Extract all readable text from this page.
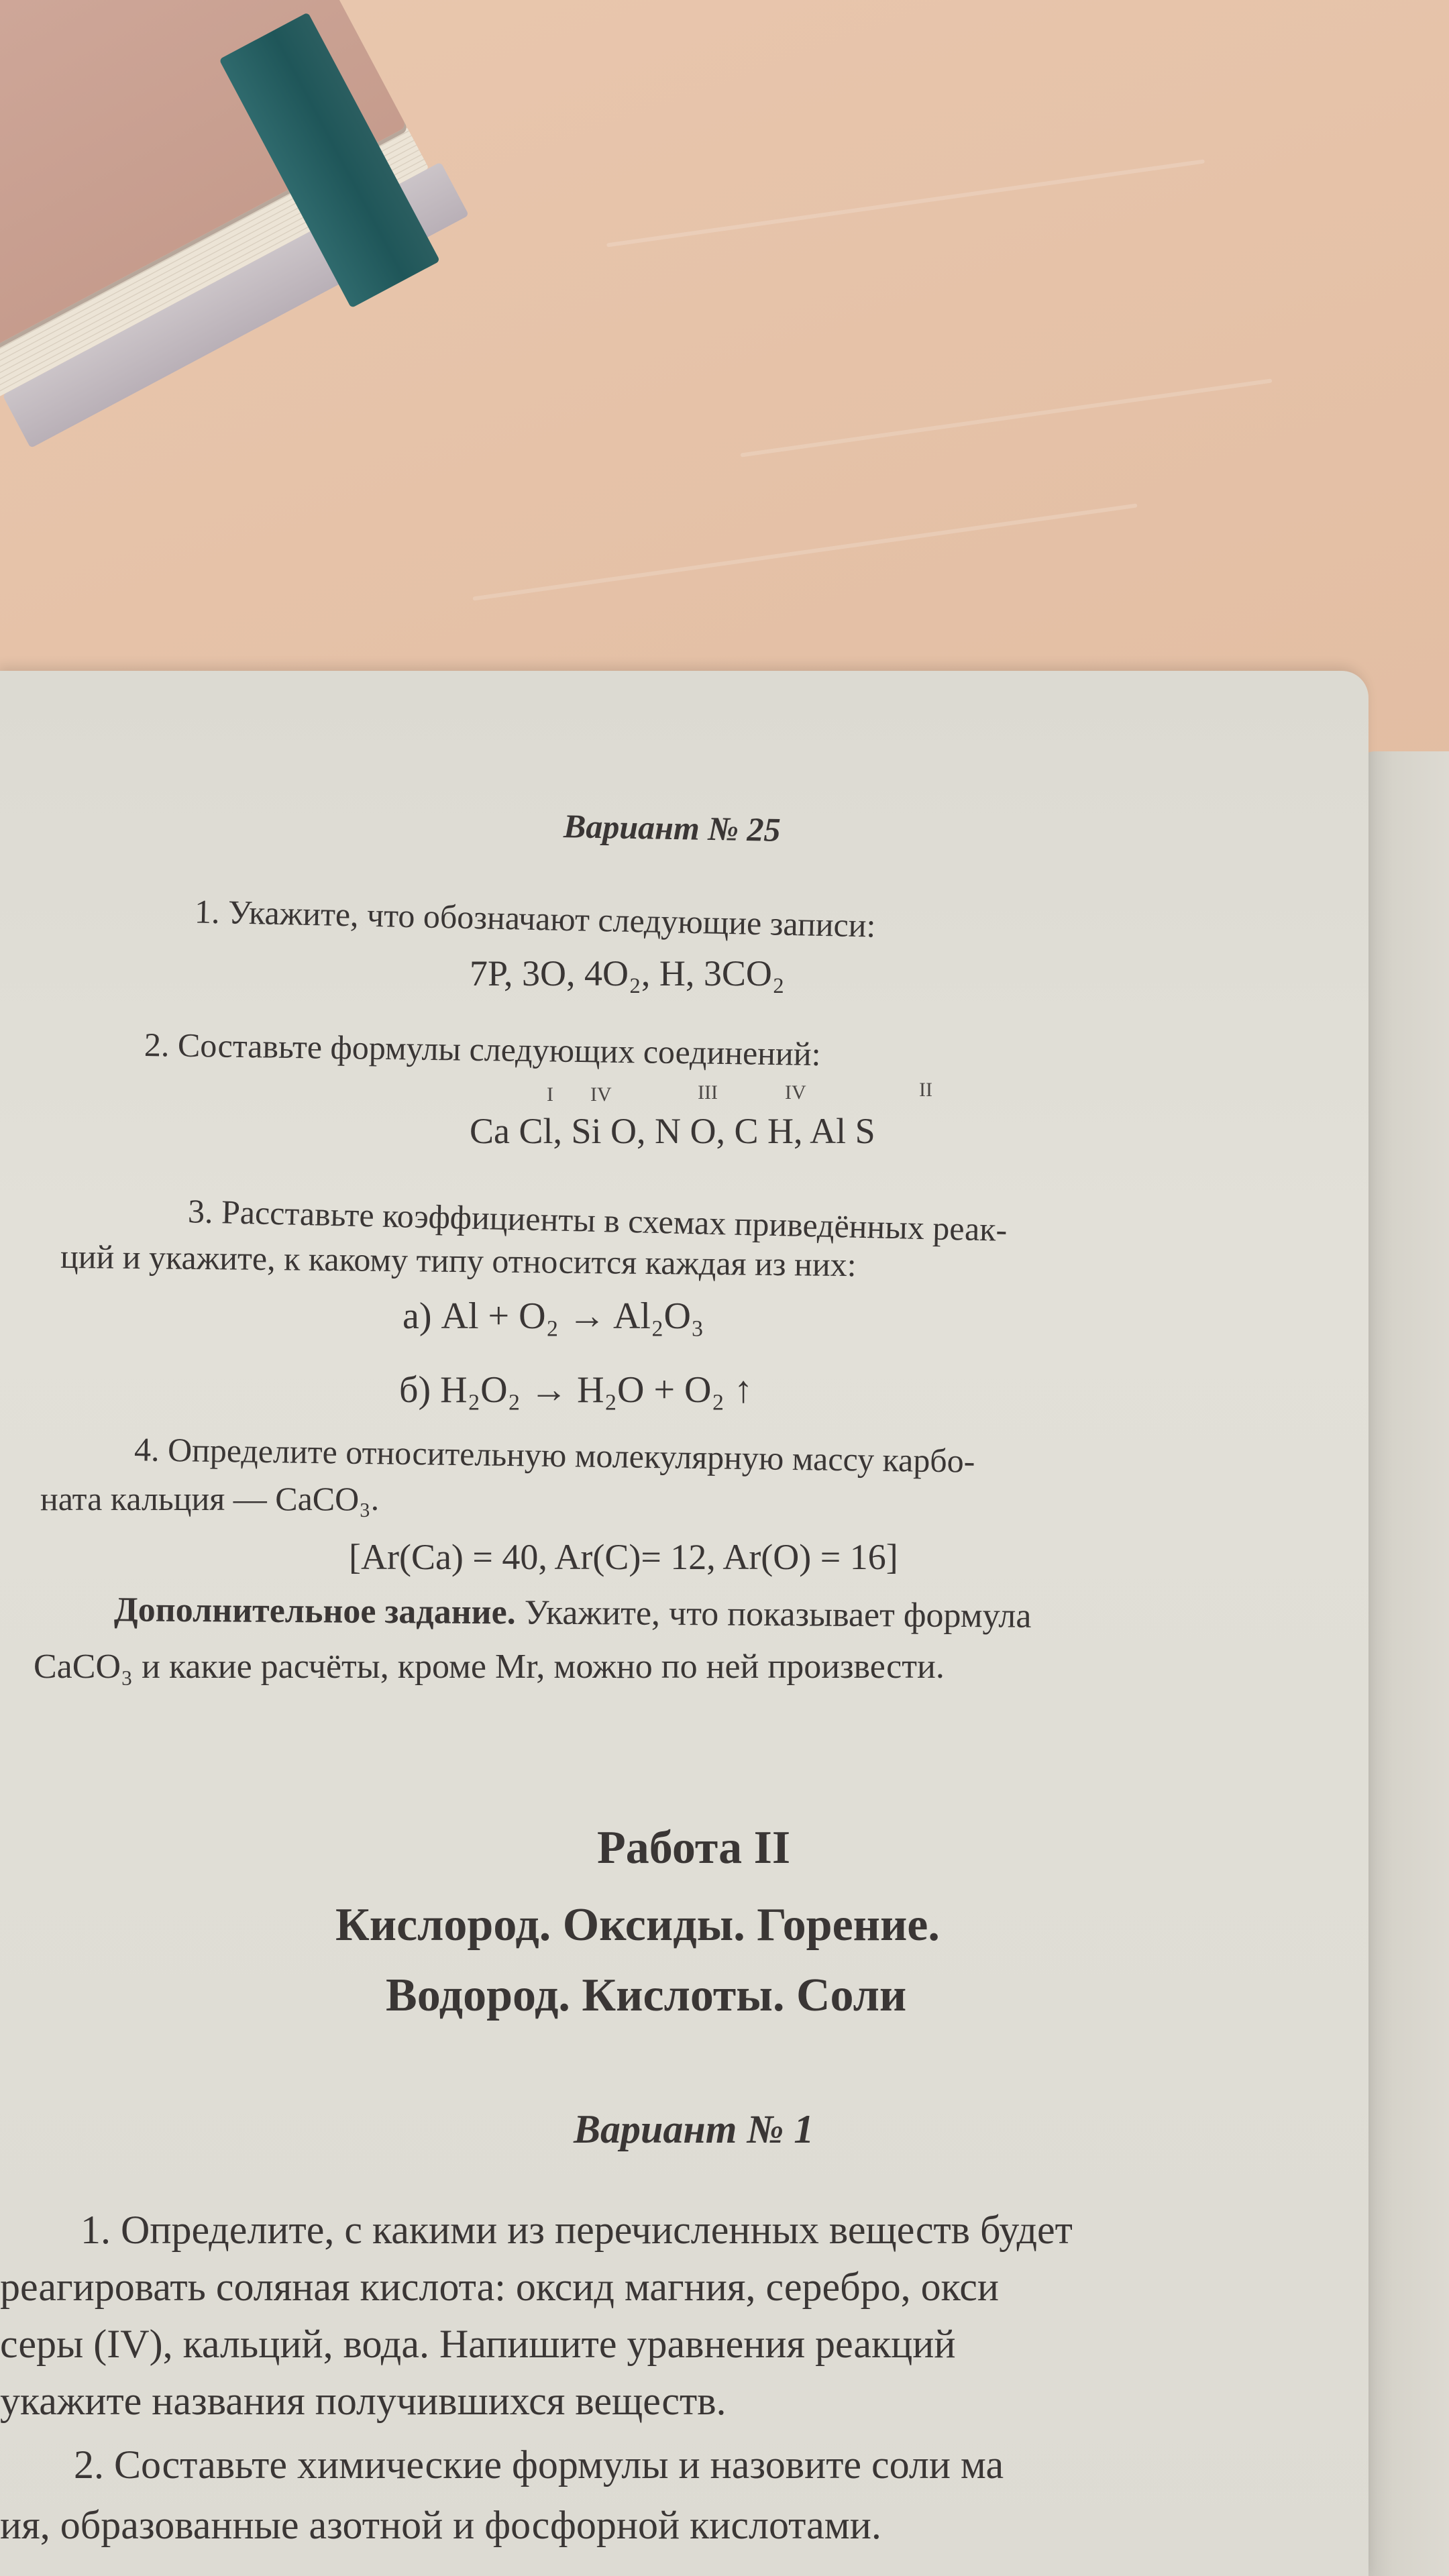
Вариант № 25
1. Укажите, что обозначают следующие записи:
7P, 3O, 4O₂, H, 3CO₂
2. Составьте формулы следующих соединений:
I IV	III	IV	II
Ca Cl, Si O, N O, C H, Al S
3. Расставьте коэффициенты в схемах приведённых реак-
ций и укажите, к какому типу относится каждая из них:
а) Al + O₂ → Al₂O₃
б) H₂O₂ → H₂O + O₂ ↑
4. Определите относительную молекулярную массу карбо-
ната кальция — CaCO₃.
[Ar(Ca) = 40, Ar(C)= 12, Ar(O) = 16]
Дополнительное задание. Укажите, что показывает формула
CaCO₃ и какие расчёты, кроме Mr, можно по ней произвести.
Работа II
Кислород. Оксиды. Горение.
Водород. Кислоты. Соли
Вариант № 1
1. Определите, с какими из перечисленных веществ будет
реагировать соляная кислота: оксид магния, серебро, окси
серы (IV), кальций, вода. Напишите уравнения реакций
укажите названия получившихся веществ.
2. Составьте химические формулы и назовите соли ма
ия, образованные азотной и фосфорной кислотами.
